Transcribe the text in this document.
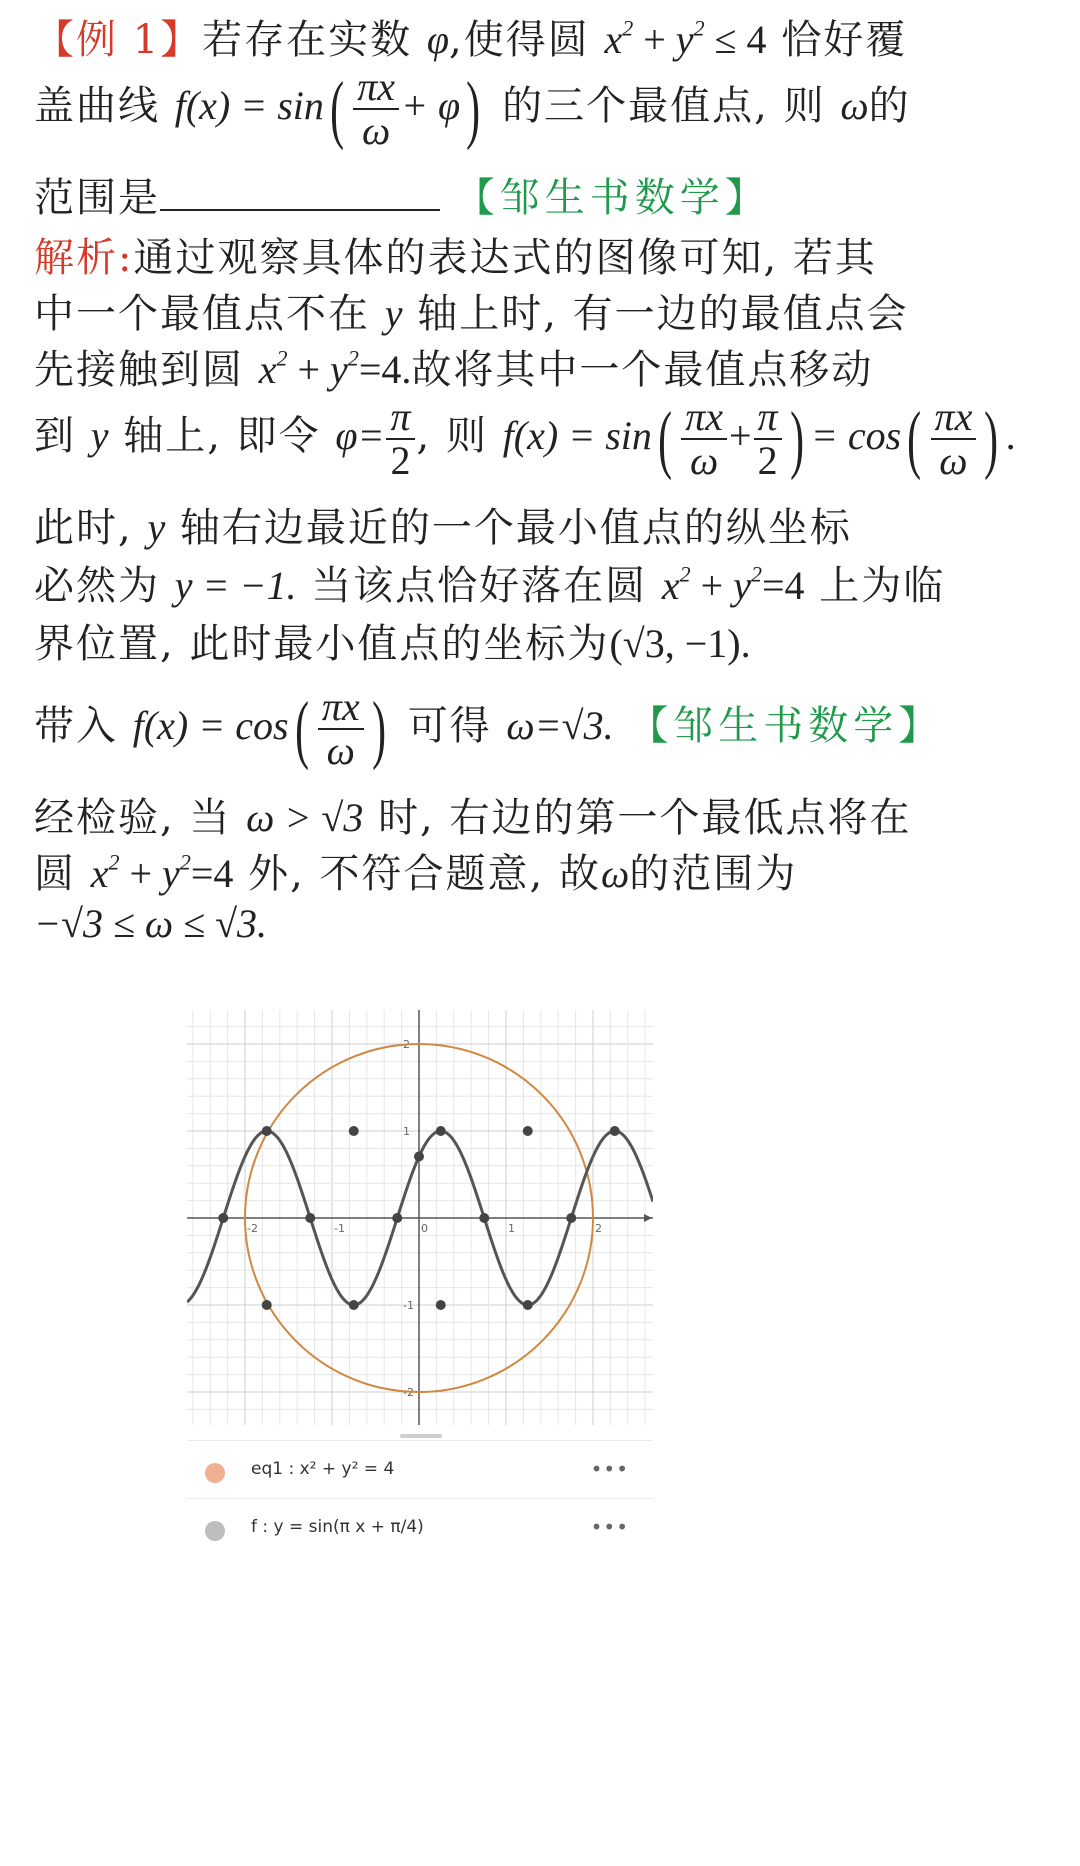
【例 1】若存在实数 φ,使得圆 $x^2 + y^2 \le 4$ 恰好覆
盖曲线 $f(x) = \sin( \frac{\pi x}{\omega} + \varphi)$ 的三个最值点, 则 ω的
范围是	【邹生书数学】
解析:通过观察具体的表达式的图像可知, 若其
中一个最值点不在 y 轴上时, 有一边的最值点会
先接触到圆 $x^2 + y^2=4$.故将其中一个最值点移动
到 y 轴上, 即令 $\varphi= \frac{\pi}{2}$ , 则 $f(x) = \sin( \frac{\pi x}{\omega} + \frac{\pi}{2}$ ) = $\cos( \frac{\pi x}{\omega}$ ) .
此时, y 轴右边最近的一个最小值点的纵坐标
必然为 y = −1. 当该点恰好落在圆 $x^2 + y^2=4$ 上为临
界位置, 此时最小值点的坐标为(√3, −1).
带入 $f(x) = \cos( \frac{\pi x}{\omega}$ ) 可得 ω=√3. 【邹生书数学】
经检验, 当 ω > √3 时, 右边的第一个最低点将在
圆 $x^2 + y^2=4$ 外, 不符合题意, 故ω的范围为
−√3 ≤ ω ≤ √3.
-2	-1	0	1	2
2
1
-1
-2
eq1 : x² + y² = 4	•••
f : y = sin(π x + π/4)	•••
